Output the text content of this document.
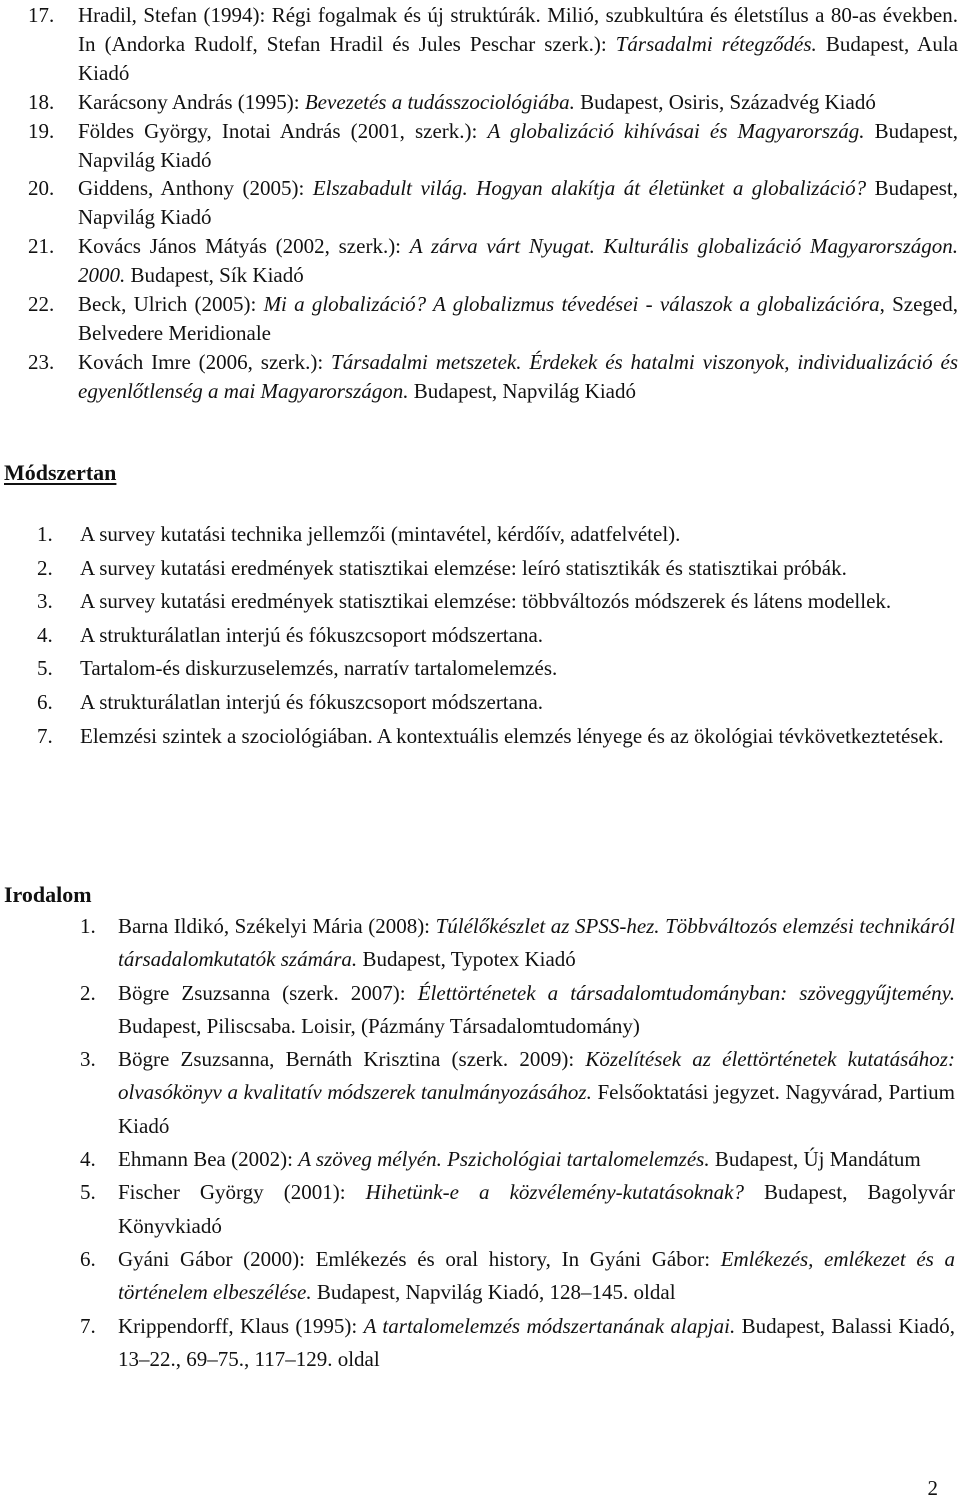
17. Hradil, Stefan (1994): Régi fogalmak és új struktúrák. Milió, szubkultúra és életstílus a 80-as években. In (Andorka Rudolf, Stefan Hradil és Jules Peschar szerk.): Társadalmi rétegződés. Budapest, Aula Kiadó
18. Karácsony András (1995): Bevezetés a tudásszociológiába. Budapest, Osiris, Századvég Kiadó
19. Földes György, Inotai András (2001, szerk.): A globalizáció kihívásai és Magyarország. Budapest, Napvilág Kiadó
20. Giddens, Anthony (2005): Elszabadult világ. Hogyan alakítja át életünket a globalizáció? Budapest, Napvilág Kiadó
21. Kovács János Mátyás (2002, szerk.): A zárva várt Nyugat. Kulturális globalizáció Magyarországon. 2000. Budapest, Sík Kiadó
22. Beck, Ulrich (2005): Mi a globalizáció? A globalizmus tévedései - válaszok a globalizációra, Szeged, Belvedere Meridionale
23. Kovách Imre (2006, szerk.): Társadalmi metszetek. Érdekek és hatalmi viszonyok, individualizáció és egyenlőtlenség a mai Magyarországon. Budapest, Napvilág Kiadó
Módszertan
1. A survey kutatási technika jellemzői (mintavétel, kérdőív, adatfelvétel).
2. A survey kutatási eredmények statisztikai elemzése: leíró statisztikák és statisztikai próbák.
3. A survey kutatási eredmények statisztikai elemzése: többváltozós módszerek és látens modellek.
4. A strukturálatlan interjú és fókuszcsoport módszertana.
5. Tartalom-és diskurzuselemzés, narratív tartalomelemzés.
6. A strukturálatlan interjú és fókuszcsoport módszertana.
7. Elemzési szintek a szociológiában. A kontextuális elemzés lényege és az ökológiai tévkövetkeztetések.
Irodalom
1. Barna Ildikó, Székelyi Mária (2008): Túlélőkészlet az SPSS-hez. Többváltozós elemzési technikáról társadalomkutatók számára. Budapest, Typotex Kiadó
2. Bögre Zsuzsanna (szerk. 2007): Élettörténetek a társadalomtudományban: szöveggyűjtemény. Budapest, Piliscsaba. Loisir, (Pázmány Társadalomtudomány)
3. Bögre Zsuzsanna, Bernáth Krisztina (szerk. 2009): Közelítések az élettörténetek kutatásához: olvasókönyv a kvalitatív módszerek tanulmányozásához. Felsőoktatási jegyzet. Nagyvárad, Partium Kiadó
4. Ehmann Bea (2002): A szöveg mélyén. Pszichológiai tartalomelemzés. Budapest, Új Mandátum
5. Fischer György (2001): Hihetünk-e a közvélemény-kutatásoknak? Budapest, Bagolyvár Könyvkiadó
6. Gyáni Gábor (2000): Emlékezés és oral history, In Gyáni Gábor: Emlékezés, emlékezet és a történelem elbeszélése. Budapest, Napvilág Kiadó, 128–145. oldal
7. Krippendorff, Klaus (1995): A tartalomelemzés módszertanának alapjai. Budapest, Balassi Kiadó, 13–22., 69–75., 117–129. oldal
2
